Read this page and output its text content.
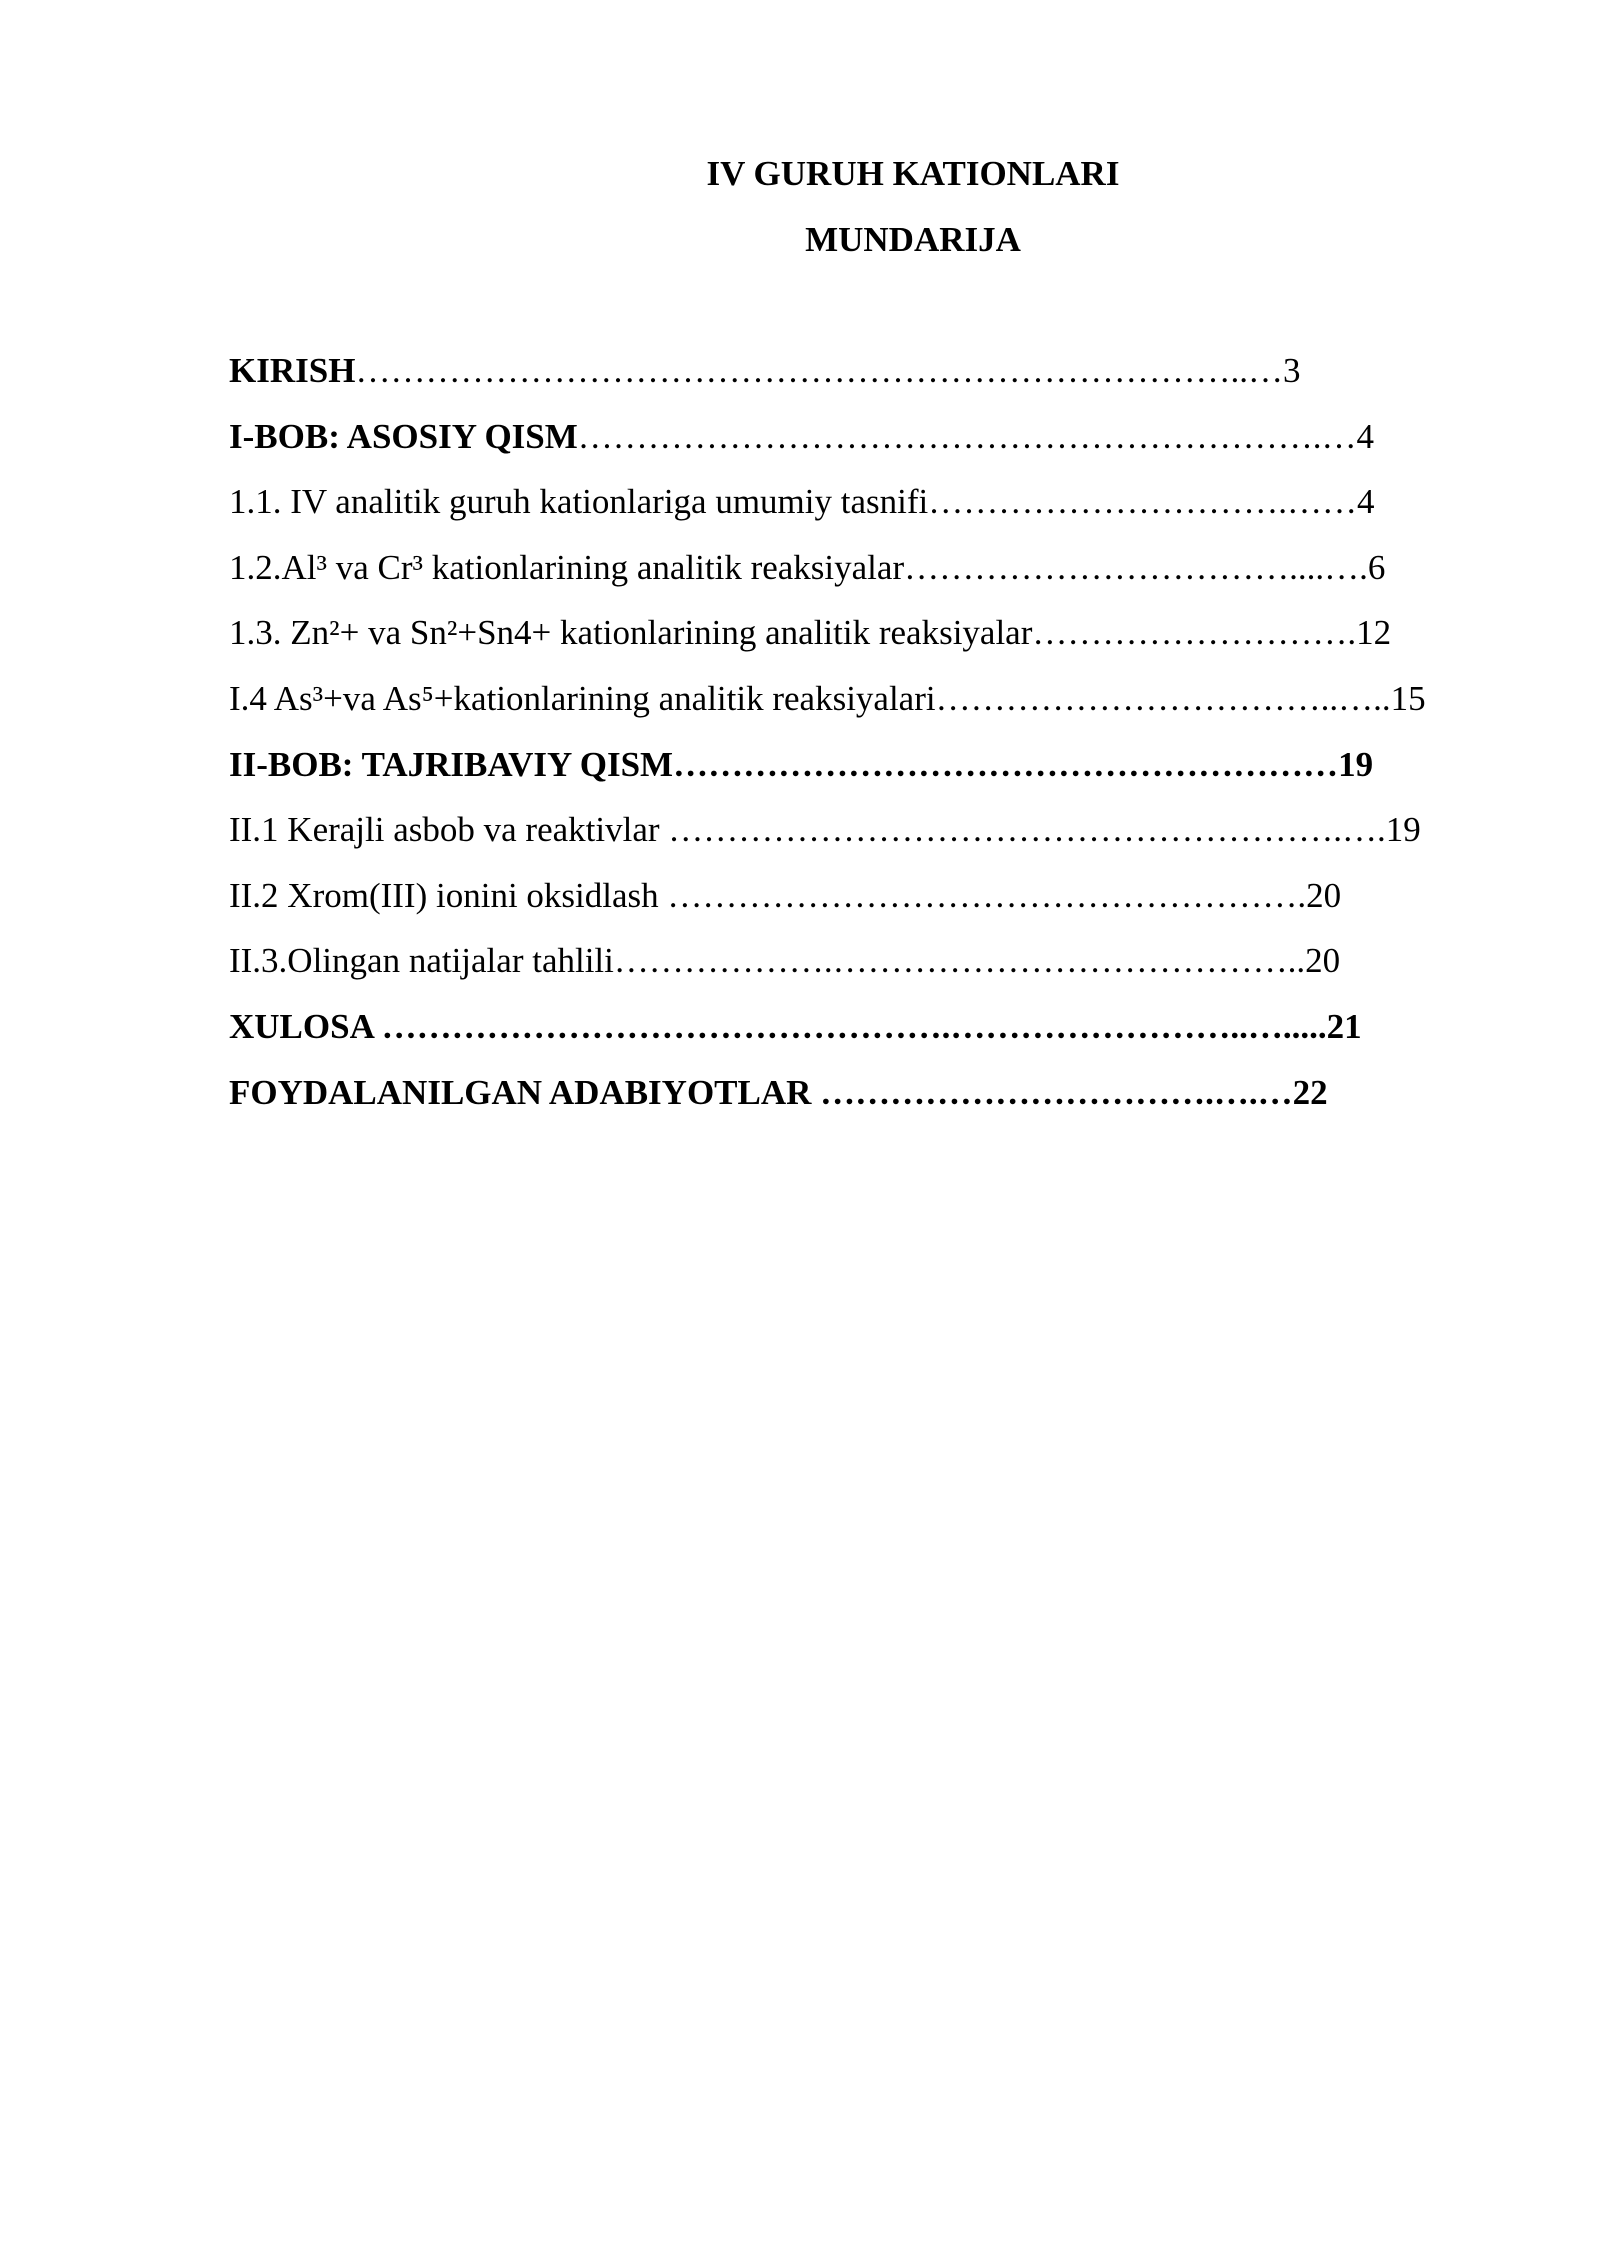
IV GURUH KATIONLARI
MUNDARIJA
KIRISH…………………………………………………………………..…3
I-BOB: ASOSIY QISM……………………………………………………….…4
1.1. IV analitik guruh kationlariga umumiy tasnifi………………………….……4
1.2.Al³ va Cr³ kationlarining analitik reaksiyalar……………………………....….6
1.3. Zn²+ va Sn²+Sn4+ kationlarining analitik reaksiyalar……………………….12
I.4 As³+va As⁵+kationlarining analitik reaksiyalari……………………………..…..15
II-BOB: TAJRIBAVIY QISM…………………………………………………19
II.1 Kerajli asbob va reaktivlar ………………………………………………….….19
II.2 Xrom(III) ionini oksidlash ……………………………………………….20
II.3.Olingan natijalar tahlili……………….…………………………………..20
XULOSA ………………………………………….……………………..….....21
FOYDALANILGAN ADABIYOTLAR …………………………….….…22
